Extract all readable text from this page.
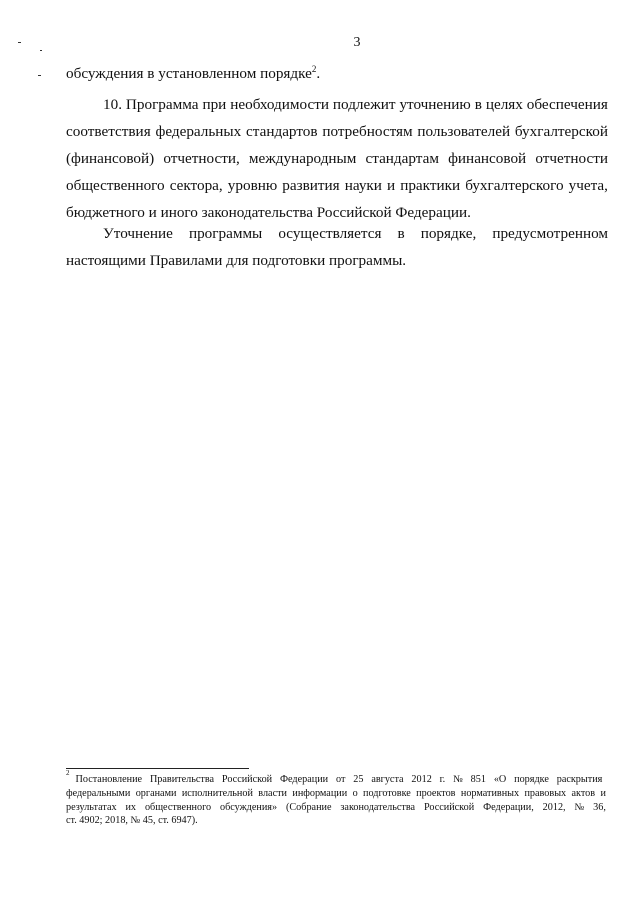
3
обсуждения в установленном порядке$^2$.
10. Программа при необходимости подлежит уточнению в целях обеспечения
соответствия федеральных стандартов потребностям пользователей бухгалтерской
(финансовой) отчетности, международным стандартам финансовой отчетности
общественного сектора, уровню развития науки и практики бухгалтерского учета,
бюджетного и иного законодательства Российской Федерации.
Уточнение программы осуществляется в порядке, предусмотренном
настоящими Правилами для подготовки программы.
2
Постановление Правительства Российской Федерации от 25 августа 2012 г. № 851 «О порядке раскрытия
федеральными органами исполнительной власти информации о подготовке проектов нормативных правовых актов и
результатах их общественного обсуждения» (Собрание законодательства Российской Федерации, 2012, № 36,
ст. 4902; 2018, № 45, ст. 6947).
